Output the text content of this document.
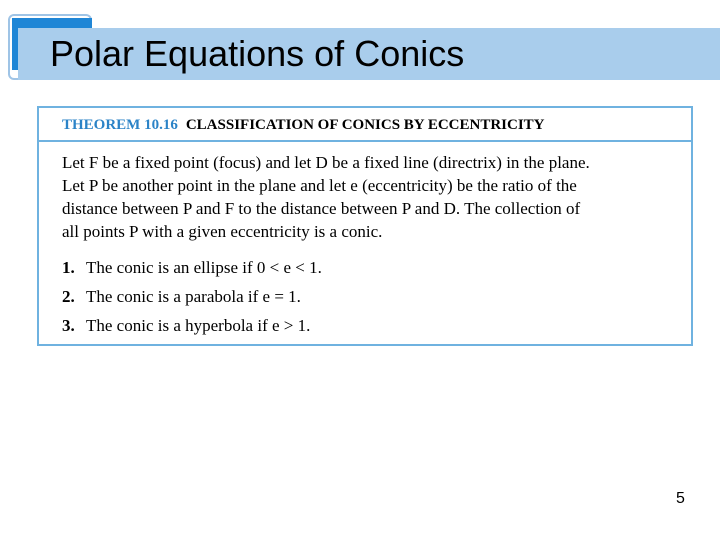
Polar Equations of Conics
THEOREM 10.16 CLASSIFICATION OF CONICS BY ECCENTRICITY
Let F be a fixed point (focus) and let D be a fixed line (directrix) in the plane.
Let P be another point in the plane and let e (eccentricity) be the ratio of the
distance between P and F to the distance between P and D. The collection of
all points P with a given eccentricity is a conic.
1. The conic is an ellipse if 0 < e < 1.
2. The conic is a parabola if e = 1.
3. The conic is a hyperbola if e > 1.
5
